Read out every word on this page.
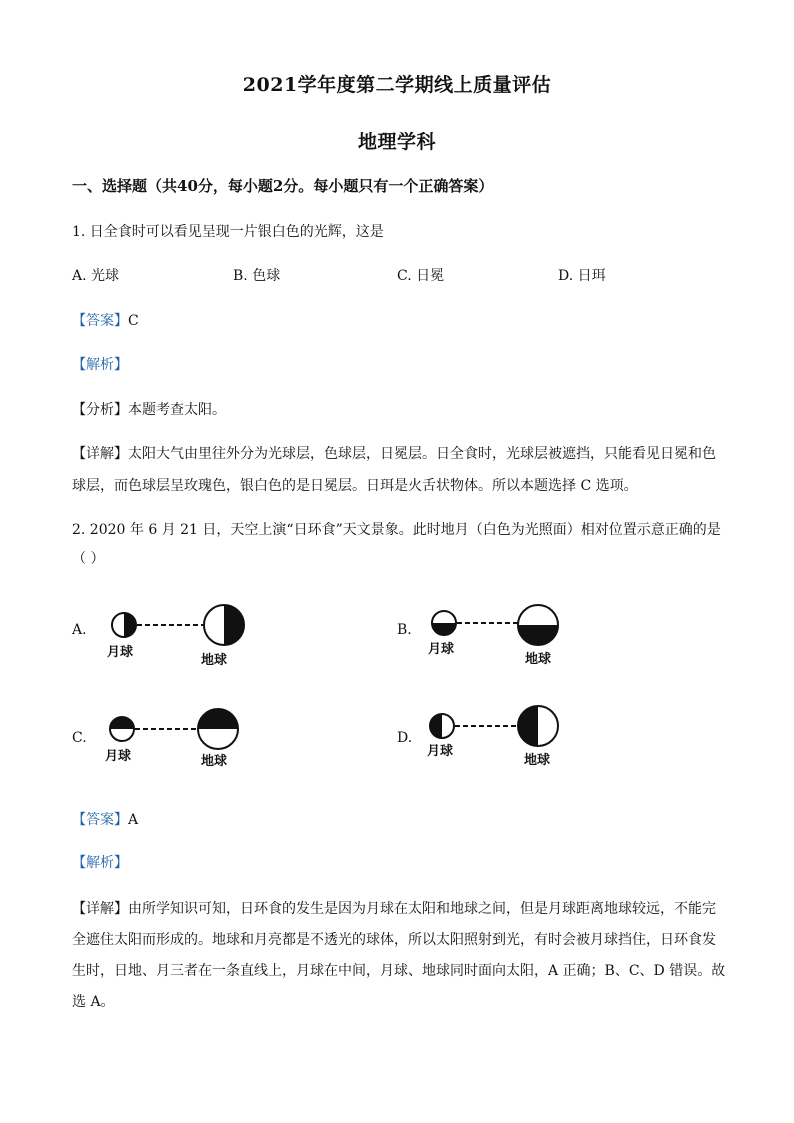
2021学年度第二学期线上质量评估
地理学科
一、选择题（共40分，每小题2分。每小题只有一个正确答案）
1. 日全食时可以看见呈现一片银白色的光辉，这是
A. 光球	B. 色球	C. 日冕	D. 日珥
【答案】C
【解析】
【分析】本题考查太阳。
【详解】太阳大气由里往外分为光球层，色球层，日冕层。日全食时，光球层被遮挡，只能看见日冕和色
球层，而色球层呈玫瑰色，银白色的是日冕层。日珥是火舌状物体。所以本题选择 C 选项。
2. 2020 年 6 月 21 日，天空上演“日环食”天文景象。此时地月（白色为光照面）相对位置示意正确的是
（ ）
A.
月球
地球
B.
月球
地球
C.
月球	地球
D.
月球
地球
【答案】A
【解析】
【详解】由所学知识可知，日环食的发生是因为月球在太阳和地球之间，但是月球距离地球较远，不能完
全遮住太阳而形成的。地球和月亮都是不透光的球体，所以太阳照射到光，有时会被月球挡住，日环食发
生时，日地、月三者在一条直线上，月球在中间，月球、地球同时面向太阳，A 正确；B、C、D 错误。故
选 A。
